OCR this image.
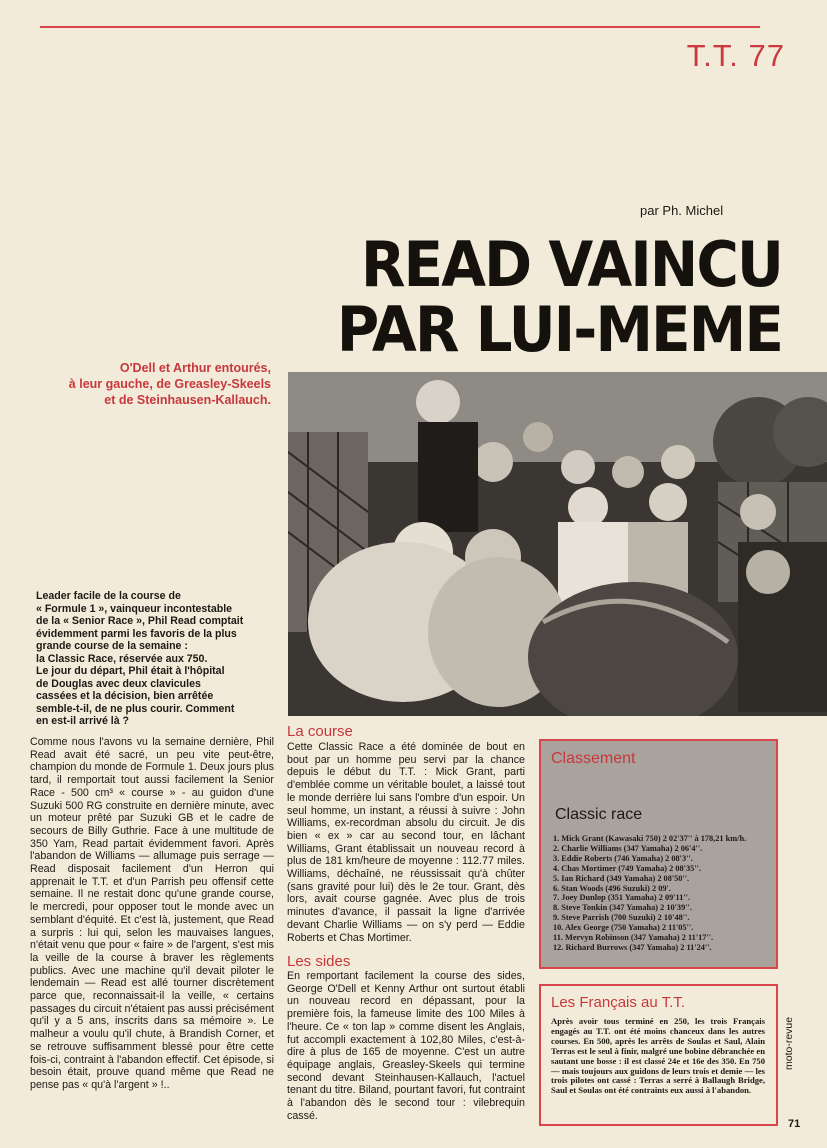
T.T. 77
par Ph. Michel
READ VAINCU
PAR LUI-MEME
O'Dell et Arthur entourés,
à leur gauche, de Greasley-Skeels
et de Steinhausen-Kallauch.
Leader facile de la course de
« Formule 1 », vainqueur incontestable
de la « Senior Race », Phil Read comptait
évidemment parmi les favoris de la plus
grande course de la semaine :
la Classic Race, réservée aux 750.
Le jour du départ, Phil était à l'hôpital
de Douglas avec deux clavicules
cassées et la décision, bien arrêtée
semble-t-il, de ne plus courir. Comment
en est-il arrivé là ?
Comme nous l'avons vu la semaine dernière, Phil Read avait été sacré, un peu vite peut-être, champion du monde de Formule 1. Deux jours plus tard, il remportait tout aussi facilement la Senior Race - 500 cm³ « course » - au guidon d'une Suzuki 500 RG construite en dernière minute, avec un moteur prêté par Suzuki GB et le cadre de secours de Billy Guthrie. Face à une multitude de 350 Yam, Read partait évidemment favori. Après l'abandon de Williams — allumage puis serrage — Read disposait facilement d'un Herron qui apprenait le T.T. et d'un Parrish peu offensif cette semaine. Il ne restait donc qu'une grande course, le mercredi, pour opposer tout le monde avec un semblant d'équité. Et c'est là, justement, que Read a surpris : lui qui, selon les mauvaises langues, n'était venu que pour « faire » de l'argent, s'est mis la veille de la course à braver les règlements publics. Avec une machine qu'il devait piloter le lendemain — Read est allé tourner discrètement parce que, reconnaissait-il la veille, « certains passages du circuit n'étaient pas aussi précisément qu'il y a 5 ans, inscrits dans sa mémoire ». Le malheur a voulu qu'il chute, à Brandish Corner, et se retrouve suffisamment blessé pour être cette fois-ci, contraint à l'abandon effectif. Cet épisode, si besoin était, prouve quand même que Read ne pense pas « qu'à l'argent » !..
La course
Cette Classic Race a été dominée de bout en bout par un homme peu servi par la chance depuis le début du T.T. : Mick Grant, parti d'emblée comme un véritable boulet, a laissé tout le monde derrière lui sans l'ombre d'un espoir. Un seul homme, un instant, a réussi à suivre : John Williams, ex-recordman absolu du circuit. Je dis bien « ex » car au second tour, en lâchant Williams, Grant établissait un nouveau record à plus de 181 km/heure de moyenne : 112.77 miles. Williams, déchaîné, ne réussissait qu'à chûter (sans gravité pour lui) dès le 2e tour. Grant, dès lors, avait course gagnée. Avec plus de trois minutes d'avance, il passait la ligne d'arrivée devant Charlie Williams — on s'y perd — Eddie Roberts et Chas Mortimer.
Les sides
En remportant facilement la course des sides, George O'Dell et Kenny Arthur ont surtout établi un nouveau record en dépassant, pour la première fois, la fameuse limite des 100 Miles à l'heure. Ce « ton lap » comme disent les Anglais, fut accompli exactement à 102,80 Miles, c'est-à-dire à plus de 165 de moyenne. C'est un autre équipage anglais, Greasley-Skeels qui termine second devant Steinhausen-Kallauch, l'actuel tenant du titre. Biland, pourtant favori, fut contraint à l'abandon dès le second tour : vilebrequin cassé.
Classement
Classic race
1. Mick Grant (Kawasaki 750) 2 02'37'' à 178,21 km/h.
2. Charlie Williams (347 Yamaha) 2 06'4''.
3. Eddie Roberts (746 Yamaha) 2 08'3''.
4. Chas Mortimer (749 Yamaha) 2 08'35''.
5. Ian Richard (349 Yamaha) 2 08'50''.
6. Stan Woods (496 Suzuki) 2 09'.
7. Joey Dunlop (351 Yamaha) 2 09'11''.
8. Steve Tonkin (347 Yamaha) 2 10'39''.
9. Steve Parrish (700 Suzuki) 2 10'48''.
10. Alex George (750 Yamaha) 2 11'05''.
11. Mervyn Robinson (347 Yamaha) 2 11'17''.
12. Richard Burrows (347 Yamaha) 2 11'24''.
Les Français au T.T.

Après avoir tous terminé en 250, les trois Français engagés au T.T. ont été moins chanceux dans les autres courses. En 500, après les arrêts de Soulas et Saul, Alain Terras est le seul à finir, malgré une bobine débranchée en sautant une bosse : il est classé 24e et 16e des 350. En 750 — mais toujours aux guidons de leurs trois et demie — les trois pilotes ont cassé : Terras a serré à Ballaugh Bridge, Saul et Soulas ont été contraints eux aussi à l'abandon.

moto-revue
71
